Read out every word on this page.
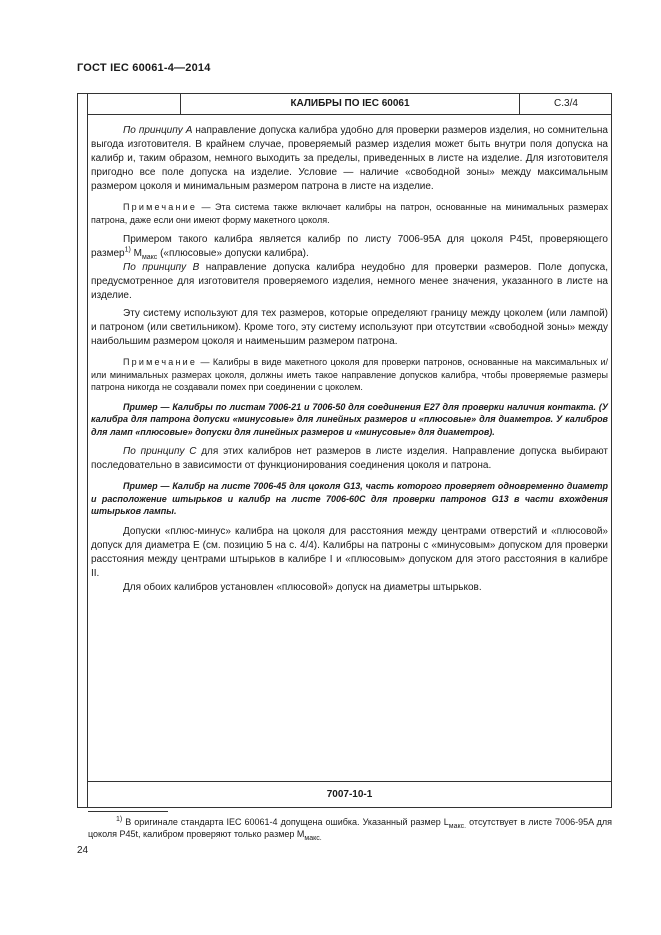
ГОСТ IEC 60061-4—2014
КАЛИБРЫ ПО IEC 60061	C.3/4

По принципу A направление допуска калибра удобно для проверки размеров изделия, но сомнительна выгода изготовителя. В крайнем случае, проверяемый размер изделия может быть внутри поля допуска на калибр и, таким образом, немного выходить за пределы, приведенных в листе на изделие. Для изготовителя пригодно все поле допуска на изделие. Условие — наличие «свободной зоны» между максимальным размером цоколя и минимальным размером патрона в листе на изделие.

Примечание — Эта система также включает калибры на патрон, основанные на минимальных размерах патрона, даже если они имеют форму макетного цоколя.

Примером такого калибра является калибр по листу 7006-95A для цоколя P45t, проверяющего размер$^{1)}$ $M_{макс}$ («плюсовые» допуски калибра).

По принципу B направление допуска калибра неудобно для проверки размеров. Поле допуска, предусмотренное для изготовителя проверяемого изделия, немного менее значения, указанного в листе на изделие.

Эту систему используют для тех размеров, которые определяют границу между цоколем (или лампой) и патроном (или светильником). Кроме того, эту систему используют при отсутствии «свободной зоны» между наибольшим размером цоколя и наименьшим размером патрона.

Примечание — Калибры в виде макетного цоколя для проверки патронов, основанные на максимальных и/или минимальных размерах цоколя, должны иметь такое направление допусков калибра, чтобы проверяемые размеры патрона никогда не создавали помех при соединении с цоколем.

Пример — Калибры по листам 7006-21 и 7006-50 для соединения E27 для проверки наличия контакта. (У калибра для патрона допуски «минусовые» для линейных размеров и «плюсовые» для диаметров. У калибров для ламп «плюсовые» допуски для линейных размеров и «минусовые» для диаметров).

По принципу C для этих калибров нет размеров в листе изделия. Направление допуска выбирают последовательно в зависимости от функционирования соединения цоколя и патрона.

Пример — Калибр на листе 7006-45 для цоколя G13, часть которого проверяет одновременно диаметр и расположение штырьков и калибр на листе 7006-60C для проверки патронов G13 в части вхождения штырьков лампы.

Допуски «плюс-минус» калибра на цоколя для расстояния между центрами отверстий и «плюсовой» допуск для диаметра E (см. позицию 5 на с. 4/4). Калибры на патроны с «минусовым» допуском для проверки расстояния между центрами штырьков в калибре I и «плюсовым» допуском для этого расстояния в калибре II.

Для обоих калибров установлен «плюсовой» допуск на диаметры штырьков.

7007-10-1
$^{1)}$ В оригинале стандарта IEC 60061-4 допущена ошибка. Указанный размер $L_{макс.}$ отсутствует в листе 7006-95A для цоколя P45t, калибром проверяют только размер $M_{макс.}$
24
